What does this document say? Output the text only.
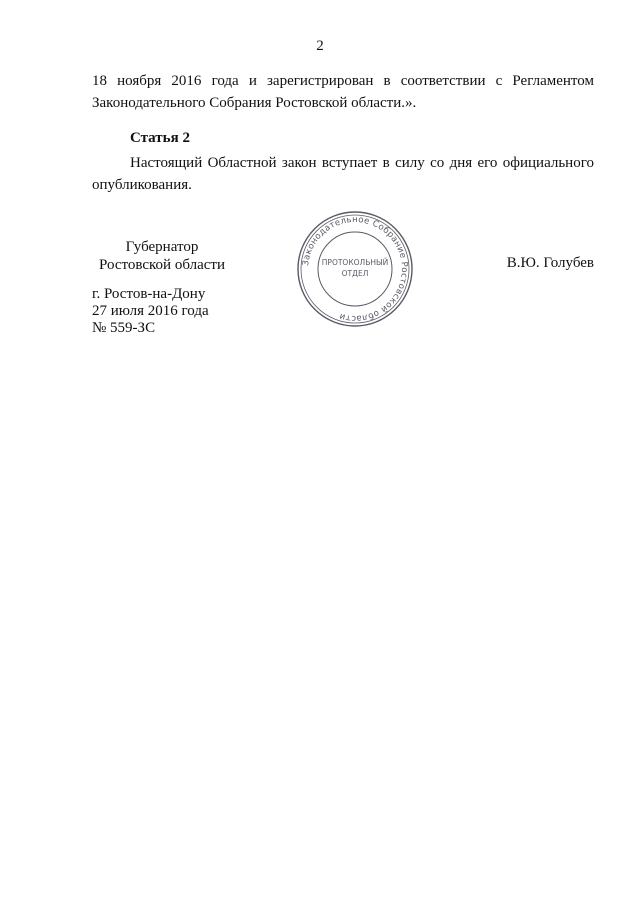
2
18 ноября 2016 года и зарегистрирован в соответствии с Регламентом
Законодательного Собрания Ростовской области.».
Статья 2
Настоящий Областной закон вступает в силу со дня его официального
опубликования.
Губернатор
Ростовской области	Законодательное Собрание Ростовской области
ПРОТОКОЛЬНЫЙ
ОТДЕЛ
В.Ю. Голубев
г. Ростов-на-Дону
27 июля 2016 года
№ 559-ЗС
